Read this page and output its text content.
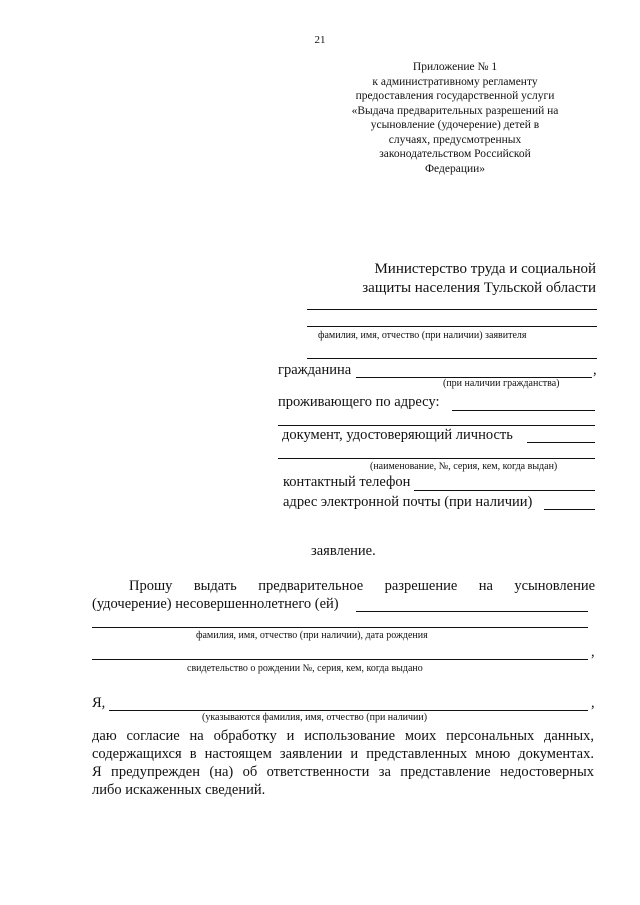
21
Приложение № 1
к административному регламенту
предоставления государственной услуги
«Выдача предварительных разрешений на
усыновление (удочерение) детей в
случаях, предусмотренных
законодательством Российской
Федерации»
Министерство труда и социальной
защиты населения Тульской области
фамилия, имя, отчество (при наличии) заявителя
гражданина	,
(при наличии гражданства)
проживающего по адресу:
документ, удостоверяющий личность
(наименование, №, серия, кем, когда выдан)
контактный телефон
адрес электронной почты (при наличии)
заявление.
Прошу выдать предварительное разрешение на усыновление
(удочерение) несовершеннолетнего (ей)
фамилия, имя, отчество (при наличии), дата рождения
,
свидетельство о рождении №, серия, кем, когда выдано
Я,	,
(указываются фамилия, имя, отчество (при наличии)
даю согласие на обработку и использование моих персональных данных,
содержащихся в настоящем заявлении и представленных мною документах.
Я предупрежден (на) об ответственности за представление недостоверных
либо искаженных сведений.
